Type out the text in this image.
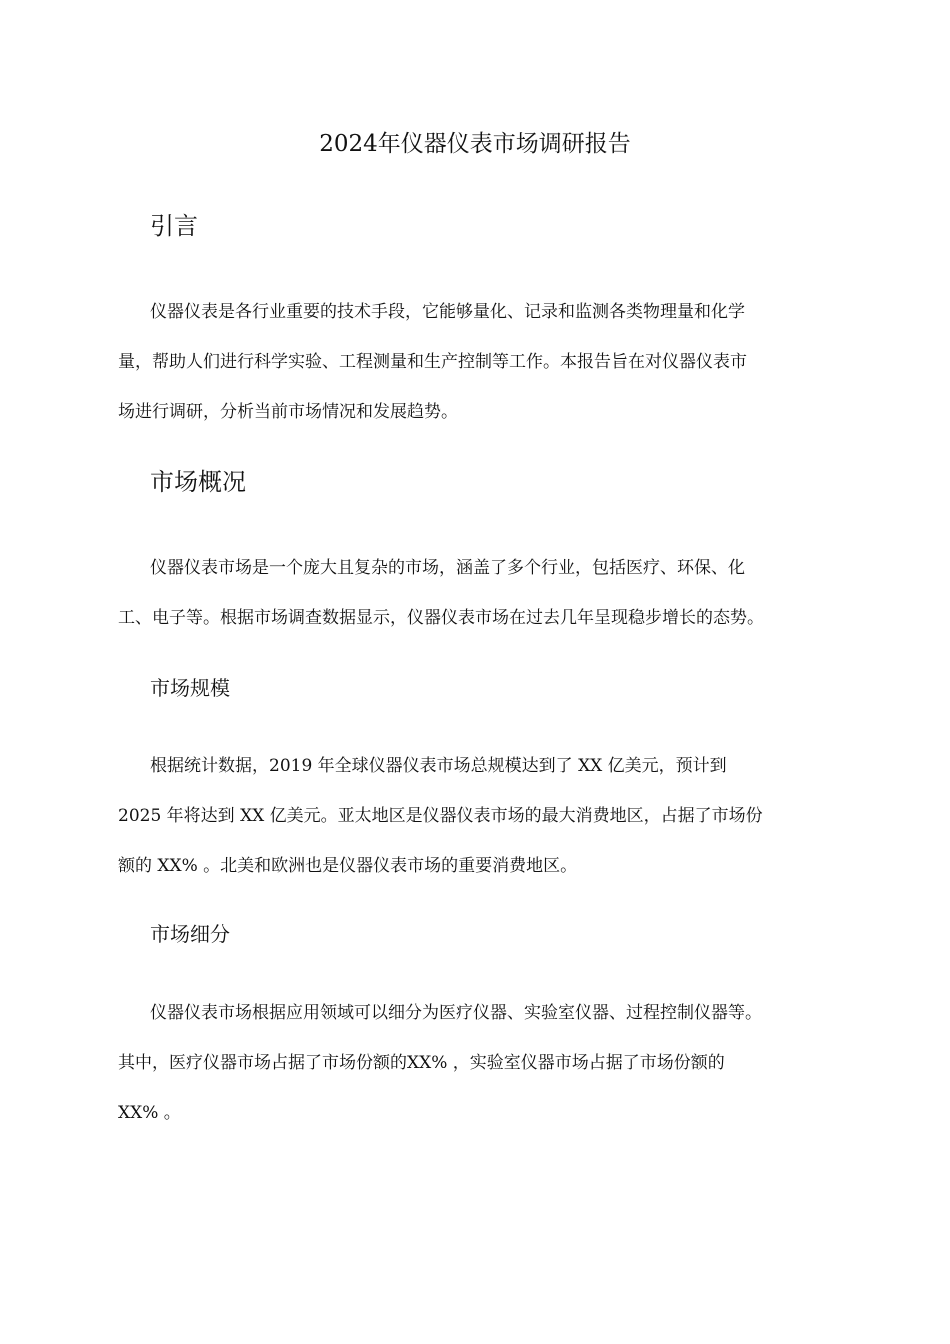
2024年仪器仪表市场调研报告
引言
仪器仪表是各行业重要的技术手段，它能够量化、记录和监测各类物理量和化学
量，帮助人们进行科学实验、工程测量和生产控制等工作。本报告旨在对仪器仪表市
场进行调研，分析当前市场情况和发展趋势。
市场概况
仪器仪表市场是一个庞大且复杂的市场，涵盖了多个行业，包括医疗、环保、化
工、电子等。根据市场调查数据显示，仪器仪表市场在过去几年呈现稳步增长的态势。
市场规模
根据统计数据，2019 年全球仪器仪表市场总规模达到了 XX 亿美元，预计到
2025 年将达到 XX 亿美元。亚太地区是仪器仪表市场的最大消费地区，占据了市场份
额的 XX% 。北美和欧洲也是仪器仪表市场的重要消费地区。
市场细分
仪器仪表市场根据应用领域可以细分为医疗仪器、实验室仪器、过程控制仪器等。
其中，医疗仪器市场占据了市场份额的XX% ，实验室仪器市场占据了市场份额的
XX% 。
